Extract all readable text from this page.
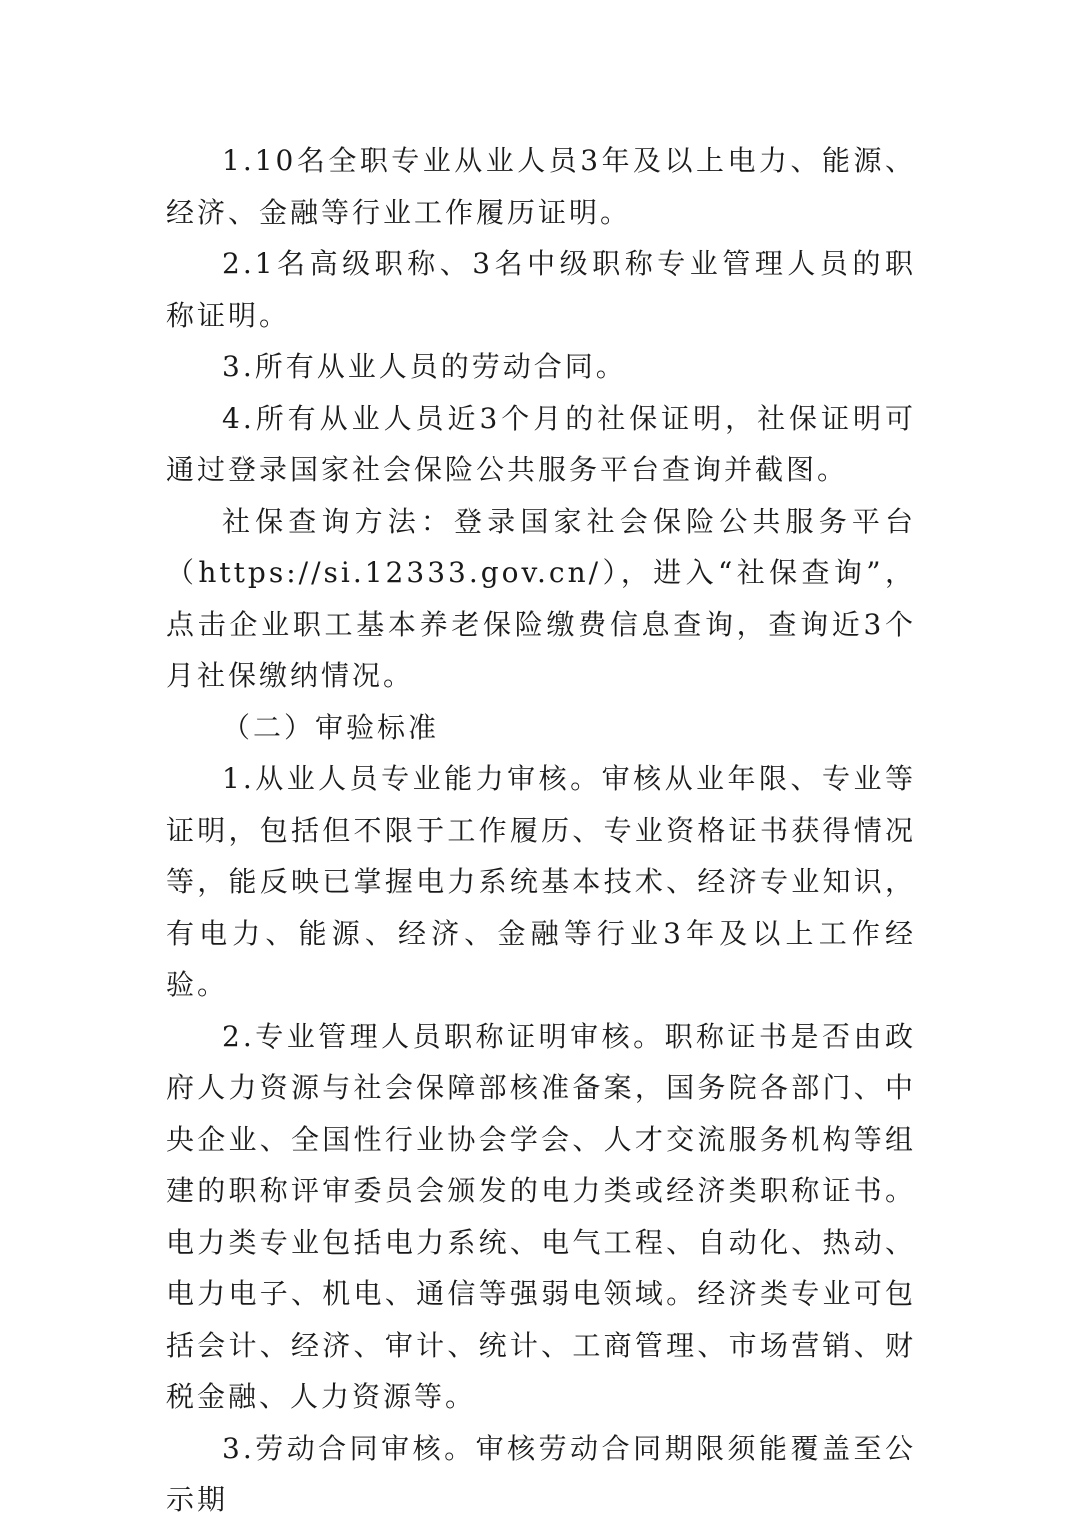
1.10名全职专业从业人员3年及以上电力、能源、经济、金融等行业工作履历证明。

2.1名高级职称、3名中级职称专业管理人员的职称证明。

3.所有从业人员的劳动合同。

4.所有从业人员近3个月的社保证明，社保证明可通过登录国家社会保险公共服务平台查询并截图。

社保查询方法：登录国家社会保险公共服务平台（https://si.12333.gov.cn/），进入“社保查询”，点击企业职工基本养老保险缴费信息查询，查询近3个月社保缴纳情况。

（二）审验标准

1.从业人员专业能力审核。审核从业年限、专业等证明，包括但不限于工作履历、专业资格证书获得情况等，能反映已掌握电力系统基本技术、经济专业知识，有电力、能源、经济、金融等行业3年及以上工作经验。

2.专业管理人员职称证明审核。职称证书是否由政府人力资源与社会保障部核准备案，国务院各部门、中央企业、全国性行业协会学会、人才交流服务机构等组建的职称评审委员会颁发的电力类或经济类职称证书。电力类专业包括电力系统、电气工程、自动化、热动、电力电子、机电、通信等强弱电领域。经济类专业可包括会计、经济、审计、统计、工商管理、市场营销、财税金融、人力资源等。

3.劳动合同审核。审核劳动合同期限须能覆盖至公示期
